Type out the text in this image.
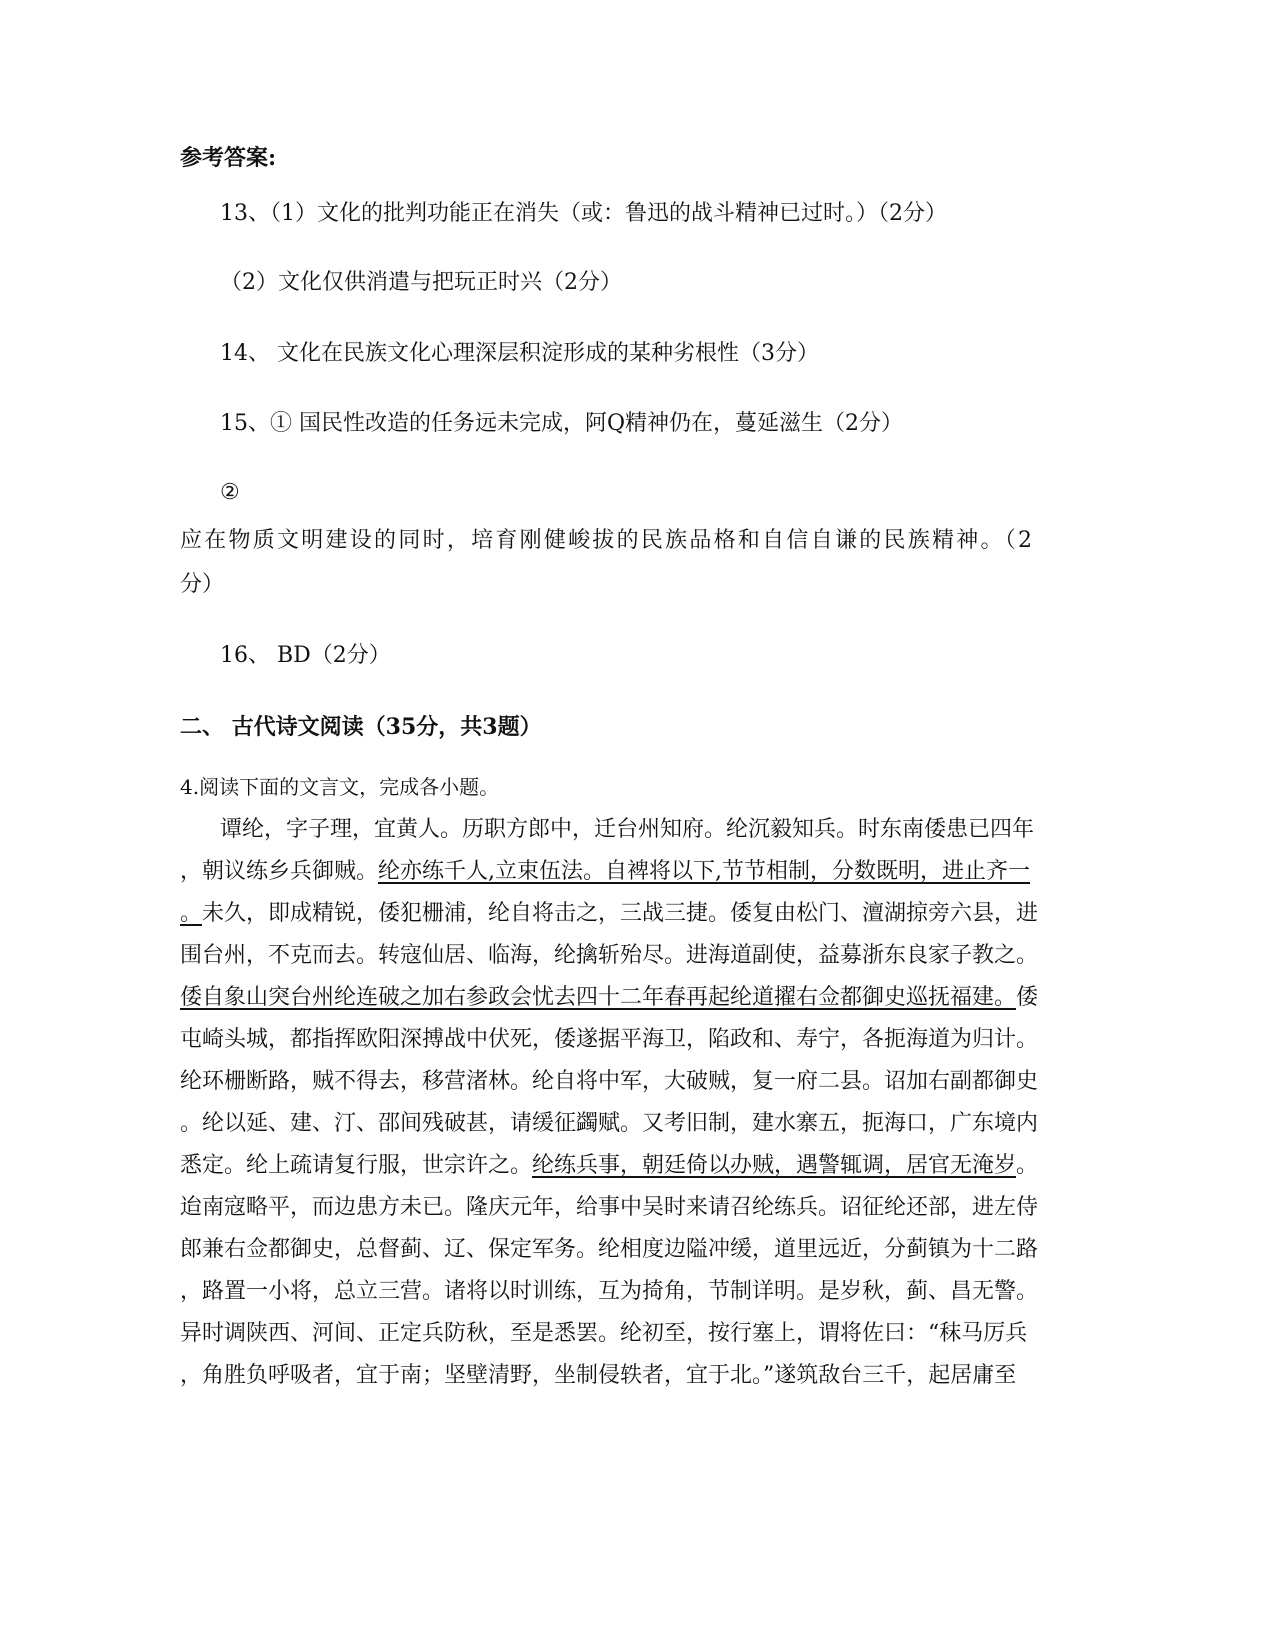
参考答案:
13、（1）文化的批判功能正在消失（或：鲁迅的战斗精神已过时。）（2分）
（2）文化仅供消遣与把玩正时兴（2分）
14、 文化在民族文化心理深层积淀形成的某种劣根性（3分）
15、① 国民性改造的任务远未完成，阿Q精神仍在，蔓延滋生（2分）
②
应在物质文明建设的同时，培育刚健峻拔的民族品格和自信自谦的民族精神。（2
分）
16、 BD（2分）
二、 古代诗文阅读（35分，共3题）
4.阅读下面的文言文，完成各小题。
谭纶，字子理，宜黄人。历职方郎中，迁台州知府。纶沉毅知兵。时东南倭患已四年
，朝议练乡兵御贼。纶亦练千人,立束伍法。自裨将以下,节节相制，分数既明，进止齐一
。未久，即成精锐，倭犯栅浦，纶自将击之，三战三捷。倭复由松门、澶湖掠旁六县，进
围台州，不克而去。转寇仙居、临海，纶擒斩殆尽。进海道副使，益募浙东良家子教之。
倭自象山突台州纶连破之加右参政会忧去四十二年春再起纶道擢右佥都御史巡抚福建。倭
屯崎头城，都指挥欧阳深搏战中伏死，倭遂据平海卫，陷政和、寿宁，各扼海道为归计。
纶环栅断路，贼不得去，移营渚林。纶自将中军，大破贼，复一府二县。诏加右副都御史
。纶以延、建、汀、邵间残破甚，请缓征蠲赋。又考旧制，建水寨五，扼海口，广东境内
悉定。纶上疏请复行服，世宗许之。纶练兵事，朝廷倚以办贼，遇警辄调，居官无淹岁。
迨南寇略平，而边患方未已。隆庆元年，给事中吴时来请召纶练兵。诏征纶还部，进左侍
郎兼右佥都御史，总督蓟、辽、保定军务。纶相度边隘冲缓，道里远近，分蓟镇为十二路
，路置一小将，总立三营。诸将以时训练，互为掎角，节制详明。是岁秋，蓟、昌无警。
异时调陕西、河间、正定兵防秋，至是悉罢。纶初至，按行塞上，谓将佐曰：“秣马厉兵
，角胜负呼吸者，宜于南；坚壁清野，坐制侵轶者，宜于北。”遂筑敌台三千，起居庸至
